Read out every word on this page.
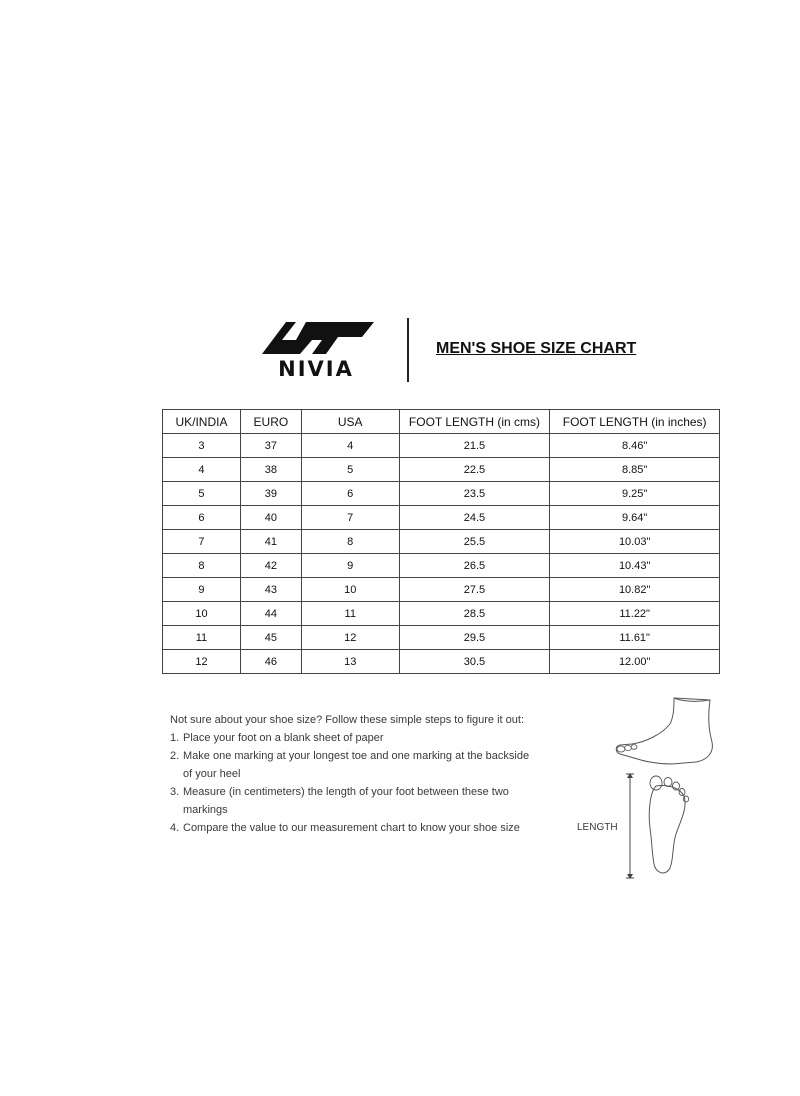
NIVIA
MEN'S SHOE SIZE CHART
UK/INDIA	EURO	USA	FOOT LENGTH (in cms)	FOOT LENGTH (in inches)
3	37	4	21.5	8.46"
4	38	5	22.5	8.85"
5	39	6	23.5	9.25"
6	40	7	24.5	9.64"
7	41	8	25.5	10.03"
8	42	9	26.5	10.43"
9	43	10	27.5	10.82"
10	44	11	28.5	11.22"
11	45	12	29.5	11.61"
12	46	13	30.5	12.00"
Not sure about your shoe size? Follow these simple steps to figure it out:
1. Place your foot on a blank sheet of paper
2. Make one marking at your longest toe and one marking at the backside
of your heel
3. Measure (in centimeters) the length of your foot between these two
markings
4. Compare the value to our measurement chart to know your shoe size	LENGTH
